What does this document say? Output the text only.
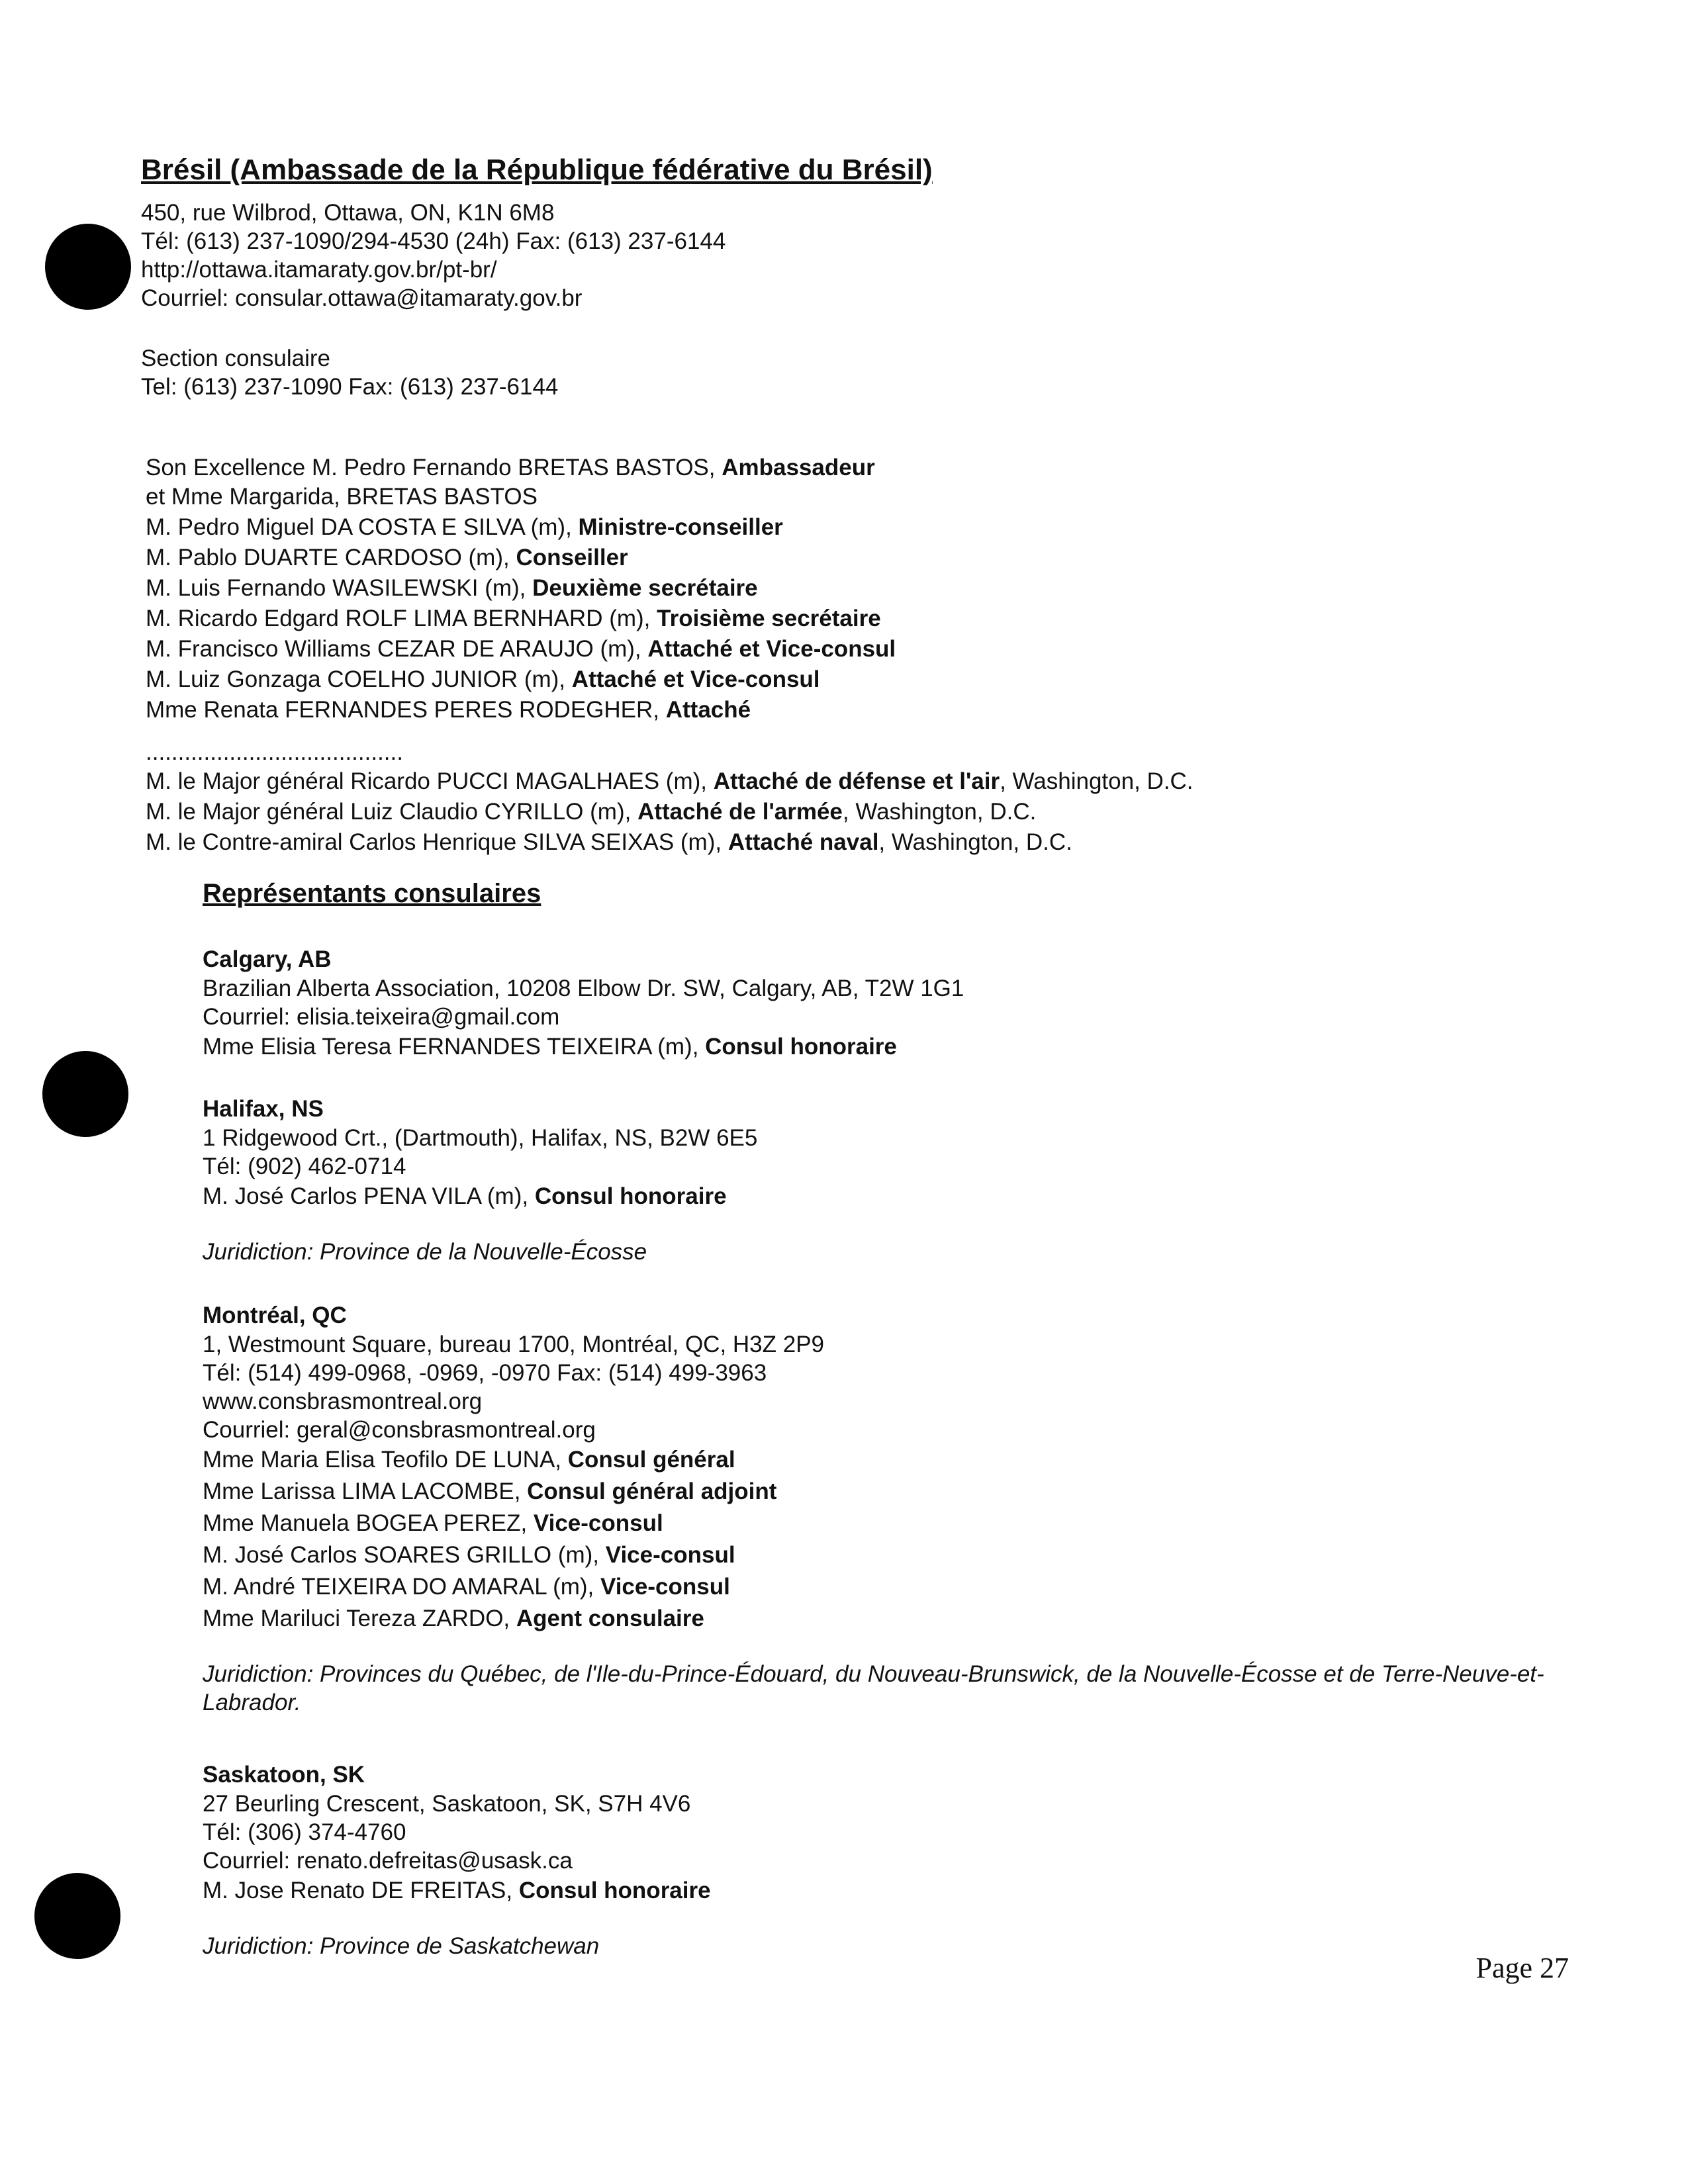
Brésil (Ambassade de la République fédérative du Brésil)
450, rue Wilbrod, Ottawa, ON, K1N 6M8
Tél: (613) 237-1090/294-4530 (24h) Fax: (613) 237-6144
http://ottawa.itamaraty.gov.br/pt-br/
Courriel: consular.ottawa@itamaraty.gov.br
Section consulaire
Tel: (613) 237-1090 Fax: (613) 237-6144
Son Excellence M. Pedro Fernando BRETAS BASTOS, Ambassadeur
et Mme Margarida, BRETAS BASTOS
M. Pedro Miguel DA COSTA E SILVA (m), Ministre-conseiller
M. Pablo DUARTE CARDOSO (m), Conseiller
M. Luis Fernando WASILEWSKI (m), Deuxième secrétaire
M. Ricardo Edgard ROLF LIMA BERNHARD (m), Troisième secrétaire
M. Francisco Williams CEZAR DE ARAUJO (m), Attaché et Vice-consul
M. Luiz Gonzaga COELHO JUNIOR (m), Attaché et Vice-consul
Mme Renata FERNANDES PERES RODEGHER, Attaché
........................................
M. le Major général Ricardo PUCCI MAGALHAES (m), Attaché de défense et l'air, Washington, D.C.
M. le Major général Luiz Claudio CYRILLO (m), Attaché de l'armée, Washington, D.C.
M. le Contre-amiral Carlos Henrique SILVA SEIXAS (m), Attaché naval, Washington, D.C.
Représentants consulaires
Calgary, AB
Brazilian Alberta Association, 10208 Elbow Dr. SW, Calgary, AB, T2W 1G1
Courriel: elisia.teixeira@gmail.com
Mme Elisia Teresa FERNANDES TEIXEIRA (m), Consul honoraire
Halifax, NS
1 Ridgewood Crt., (Dartmouth), Halifax, NS, B2W 6E5
Tél: (902) 462-0714
M. José Carlos PENA VILA (m), Consul honoraire
Juridiction: Province de la Nouvelle-Écosse
Montréal, QC
1, Westmount Square, bureau 1700, Montréal, QC, H3Z 2P9
Tél: (514) 499-0968, -0969, -0970 Fax: (514) 499-3963
www.consbrasmontreal.org
Courriel: geral@consbrasmontreal.org
Mme Maria Elisa Teofilo DE LUNA, Consul général
Mme Larissa LIMA LACOMBE, Consul général adjoint
Mme Manuela BOGEA PEREZ, Vice-consul
M. José Carlos SOARES GRILLO (m), Vice-consul
M. André TEIXEIRA DO AMARAL (m), Vice-consul
Mme Mariluci Tereza ZARDO, Agent consulaire
Juridiction: Provinces du Québec, de l'Ile-du-Prince-Édouard, du Nouveau-Brunswick, de la Nouvelle-Écosse et de Terre-Neuve-et-Labrador.
Saskatoon, SK
27 Beurling Crescent, Saskatoon, SK, S7H 4V6
Tél: (306) 374-4760
Courriel: renato.defreitas@usask.ca
M. Jose Renato DE FREITAS, Consul honoraire
Juridiction: Province de Saskatchewan
Page 27
